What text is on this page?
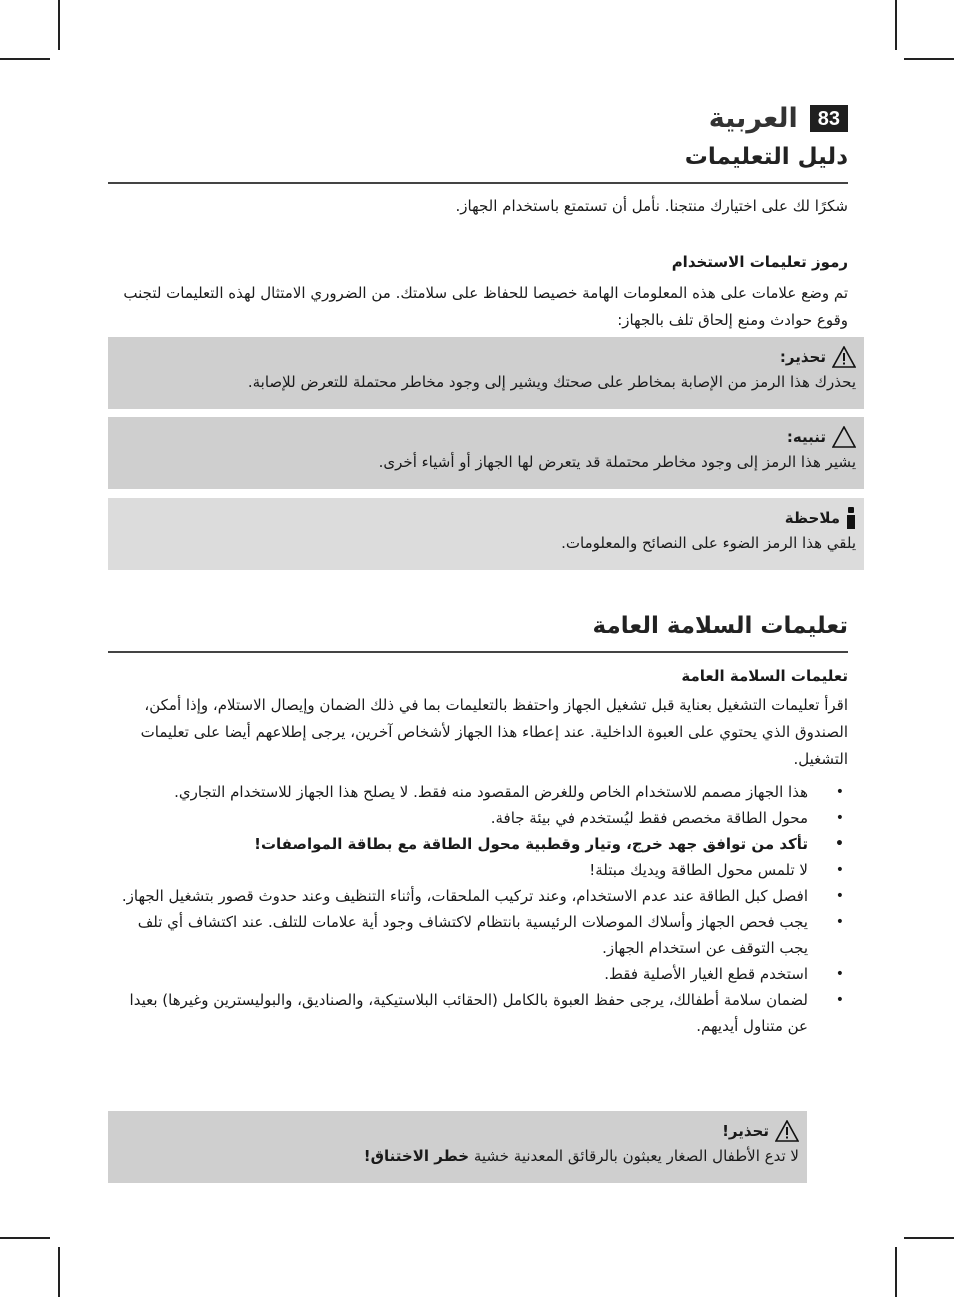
83
العربية
دليل التعليمات

شكرًا لك على اختيارك منتجنا. نأمل أن تستمتع باستخدام الجهاز.

رموز تعليمات الاستخدام

تم وضع علامات على هذه المعلومات الهامة خصيصا للحفاظ على سلامتك. من الضروري الامتثال لهذه التعليمات لتجنب وقوع حوادث ومنع إلحاق تلف بالجهاز:

تحذير:
يحذرك هذا الرمز من الإصابة بمخاطر على صحتك ويشير إلى وجود مخاطر محتملة للتعرض للإصابة.
تنبيه:
يشير هذا الرمز إلى وجود مخاطر محتملة قد يتعرض لها الجهاز أو أشياء أخرى.
ملاحظة
يلقي هذا الرمز الضوء على النصائح والمعلومات.
تعليمات السلامة العامة
تعليمات السلامة العامة

اقرأ تعليمات التشغيل بعناية قبل تشغيل الجهاز واحتفظ بالتعليمات بما في ذلك الضمان وإيصال الاستلام، وإذا أمكن، الصندوق الذي يحتوي على العبوة الداخلية. عند إعطاء هذا الجهاز لأشخاص آخرين، يرجى إطلاعهم أيضا على تعليمات التشغيل.

• هذا الجهاز مصمم للاستخدام الخاص وللغرض المقصود منه فقط. لا يصلح هذا الجهاز للاستخدام التجاري.
• محول الطاقة مخصص فقط ليُستخدم في بيئة جافة.
• تأكد من توافق جهد خرج، وتيار وقطبية محول الطاقة مع بطاقة المواصفات!
• لا تلمس محول الطاقة ويديك مبتلة!
• افصل كبل الطاقة عند عدم الاستخدام، وعند تركيب الملحقات، وأثناء التنظيف وعند حدوث قصور بتشغيل الجهاز.
• يجب فحص الجهاز وأسلاك الموصلات الرئيسية بانتظام لاكتشاف وجود أية علامات للتلف. عند اكتشاف أي تلف يجب التوقف عن استخدام الجهاز.
• استخدم قطع الغيار الأصلية فقط.
• لضمان سلامة أطفالك، يرجى حفظ العبوة بالكامل (الحقائب البلاستيكية، والصناديق، والبوليسترين وغيرها) بعيدا عن متناول أيديهم.
تحذير!
لا تدع الأطفال الصغار يعبثون بالرقائق المعدنية خشية خطر الاختناق!
